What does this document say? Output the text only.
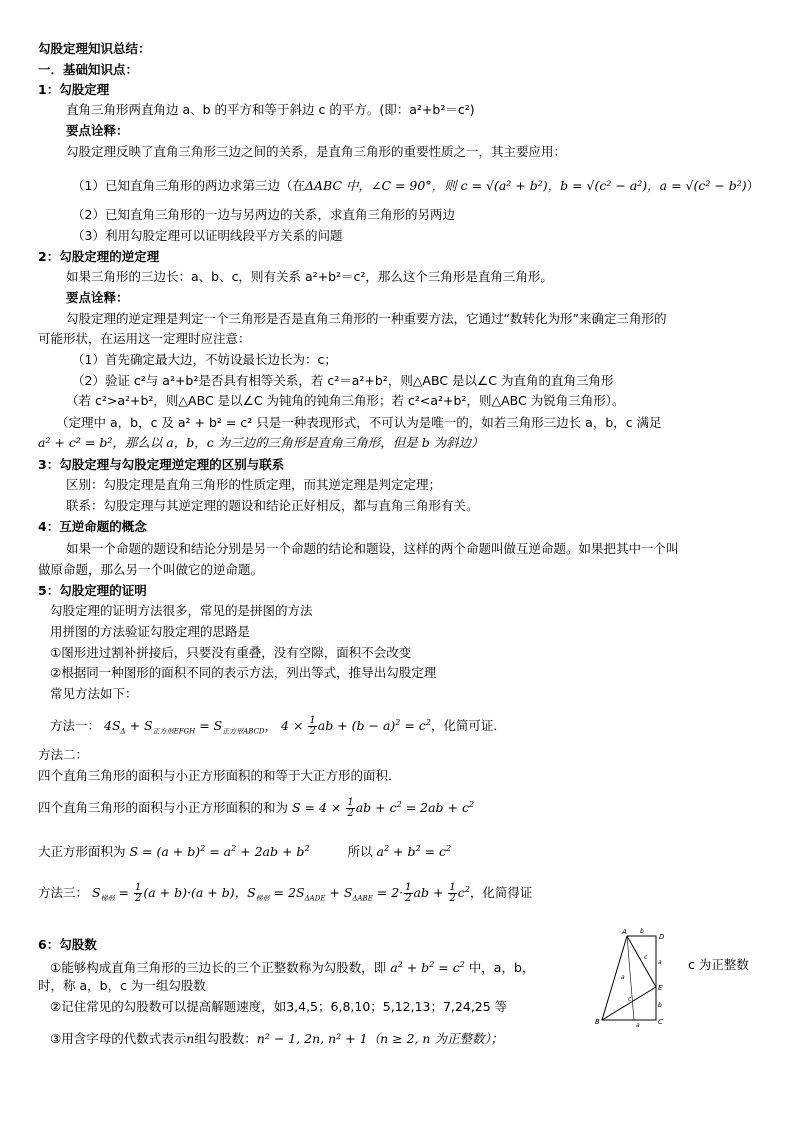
勾股定理知识总结：
一．基础知识点：
1：勾股定理
直角三角形两直角边 a、b 的平方和等于斜边 c 的平方。(即：a²+b²＝c²)
要点诠释：
勾股定理反映了直角三角形三边之间的关系，是直角三角形的重要性质之一，其主要应用：
（1）已知直角三角形的两边求第三边（在ΔABC 中，∠C = 90°，则 c = √(a² + b²)，b = √(c² − a²)，a = √(c² − b²)）
（2）已知直角三角形的一边与另两边的关系，求直角三角形的另两边
（3）利用勾股定理可以证明线段平方关系的问题
2：勾股定理的逆定理
如果三角形的三边长：a、b、c，则有关系 a²+b²＝c²，那么这个三角形是直角三角形。
要点诠释：
勾股定理的逆定理是判定一个三角形是否是直角三角形的一种重要方法，它通过“数转化为形”来确定三角形的
可能形状，在运用这一定理时应注意：
（1）首先确定最大边，不妨设最长边长为：c；
（2）验证 c²与 a²+b²是否具有相等关系，若 c²＝a²+b²，则△ABC 是以∠C 为直角的直角三角形
（若 c²>a²+b²，则△ABC 是以∠C 为钝角的钝角三角形；若 c²<a²+b²，则△ABC 为锐角三角形）。
（定理中 a，b，c 及 a² + b² = c² 只是一种表现形式，不可认为是唯一的，如若三角形三边长 a，b，c 满足
a² + c² = b²，那么以 a，b，c 为三边的三角形是直角三角形，但是 b 为斜边）
3：勾股定理与勾股定理逆定理的区别与联系
区别：勾股定理是直角三角形的性质定理，而其逆定理是判定定理；
联系：勾股定理与其逆定理的题设和结论正好相反，都与直角三角形有关。
4：互逆命题的概念
如果一个命题的题设和结论分别是另一个命题的结论和题设，这样的两个命题叫做互逆命题。如果把其中一个叫
做原命题，那么另一个叫做它的逆命题。
5：勾股定理的证明
勾股定理的证明方法很多，常见的是拼图的方法
用拼图的方法验证勾股定理的思路是
①图形进过割补拼接后，只要没有重叠，没有空隙，面积不会改变
②根据同一种图形的面积不同的表示方法，列出等式，推导出勾股定理
常见方法如下：
方法一： $4S_\Delta + S_{正方形EFGH} = S_{正方形ABCD}$， $4 \times \frac{1}{2}$ ab + $(b - a)^2 = c^2$，化简可证．
方法二：
四个直角三角形的面积与小正方形面积的和等于大正方形的面积．
四个直角三角形的面积与小正方形面积的和为 $S = 4 \times \frac{1}{2}$ ab + $c^2 = 2ab + c^2$
大正方形面积为 $S = (a + b)^2 = a^2 + 2ab + b^2$	所以 $a^2 + b^2 = c^2$
方法三： $S_{梯形} = \frac{1}{2} (a + b)\cdot(a + b)$，$S_{梯形} = 2S_{\Delta ADE} + S_{\Delta ABE} = 2\cdot \frac{1}{2}$ ab + $\frac{1}{2} c^2$，化简得证
6：勾股数
①能够构成直角三角形的三边长的三个正整数称为勾股数，即 $a^2 + b^2 = c^2$ 中，a，b，	c 为正整数
时，称 a，b，c 为一组勾股数
②记住常见的勾股数可以提高解题速度，如3,4,5；6,8,10；5,12,13；7,24,25 等
③用含字母的代数式表示n组勾股数：n² − 1, 2n, n² + 1（n ≥ 2, n 为正整数）；
A
D
b
a
c
E
B
b
C
a
c
a
